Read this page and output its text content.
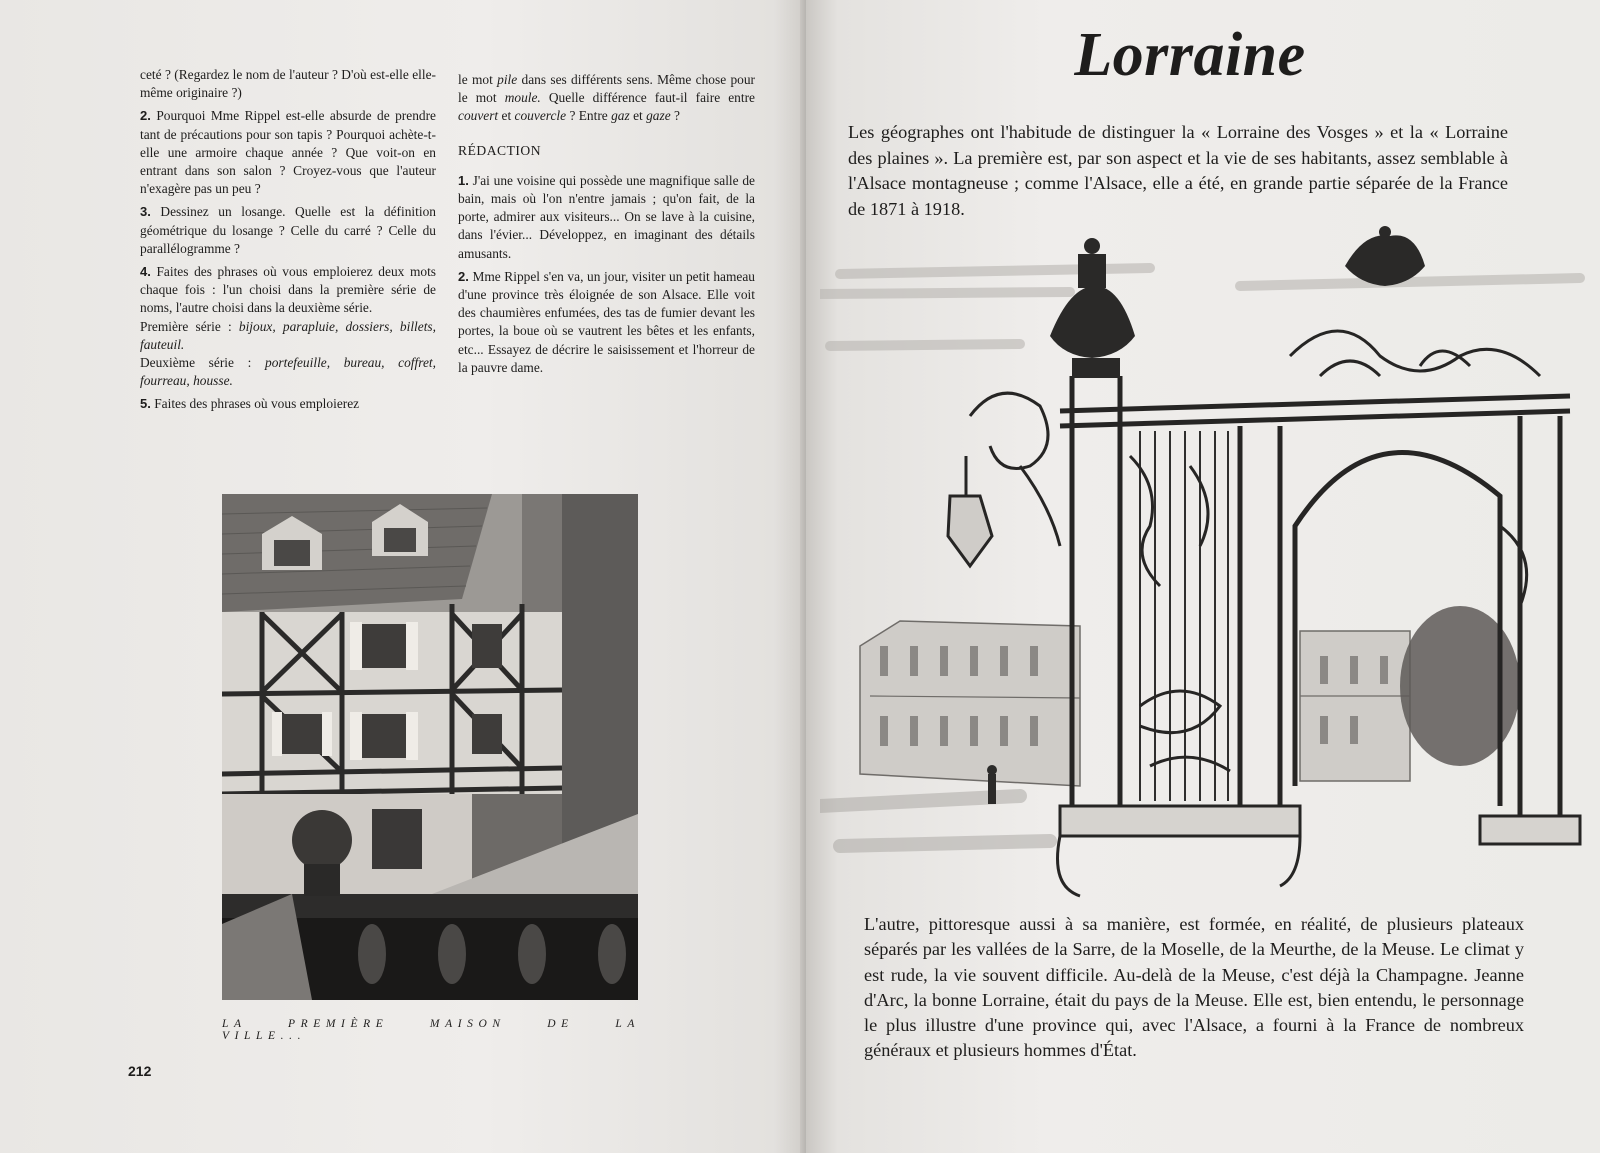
ceté ? (Regardez le nom de l'auteur ? D'où est-elle elle-même originaire ?)

2. Pourquoi Mme Rippel est-elle absurde de prendre tant de précautions pour son tapis ? Pourquoi achète-t-elle une armoire chaque année ? Que voit-on en entrant dans son salon ? Croyez-vous que l'auteur n'exagère pas un peu ?

3. Dessinez un losange. Quelle est la définition géométrique du losange ? Celle du carré ? Celle du parallélogramme ?

4. Faites des phrases où vous emploierez deux mots chaque fois : l'un choisi dans la première série de noms, l'autre choisi dans la deuxième série.

Première série : bijoux, parapluie, dossiers, billets, fauteuil.

Deuxième série : portefeuille, bureau, coffret, fourreau, housse.

5. Faites des phrases où vous emploierez

le mot pile dans ses différents sens. Même chose pour le mot moule. Quelle différence faut-il faire entre couvert et couvercle ? Entre gaz et gaze ?

RÉDACTION

1. J'ai une voisine qui possède une magnifique salle de bain, mais où l'on n'entre jamais ; qu'on fait, de la porte, admirer aux visiteurs... On se lave à la cuisine, dans l'évier... Développez, en imaginant des détails amusants.

2. Mme Rippel s'en va, un jour, visiter un petit hameau d'une province très éloignée de son Alsace. Elle voit des chaumières enfumées, des tas de fumier devant les portes, la boue où se vautrent les bêtes et les enfants, etc... Essayez de décrire le saisissement et l'horreur de la pauvre dame.

LA PREMIÈRE MAISON DE LA VILLE...
212
Lorraine
Les géographes ont l'habitude de distinguer la « Lorraine des Vosges » et la « Lorraine des plaines ». La première est, par son aspect et la vie de ses habitants, assez semblable à l'Alsace montagneuse ; comme l'Alsace, elle a été, en grande partie séparée de la France de 1871 à 1918.
L'autre, pittoresque aussi à sa manière, est formée, en réalité, de plusieurs plateaux séparés par les vallées de la Sarre, de la Moselle, de la Meurthe, de la Meuse. Le climat y est rude, la vie souvent difficile. Au-delà de la Meuse, c'est déjà la Champagne. Jeanne d'Arc, la bonne Lorraine, était du pays de la Meuse. Elle est, bien entendu, le personnage le plus illustre d'une province qui, avec l'Alsace, a fourni à la France de nombreux généraux et plusieurs hommes d'État.
